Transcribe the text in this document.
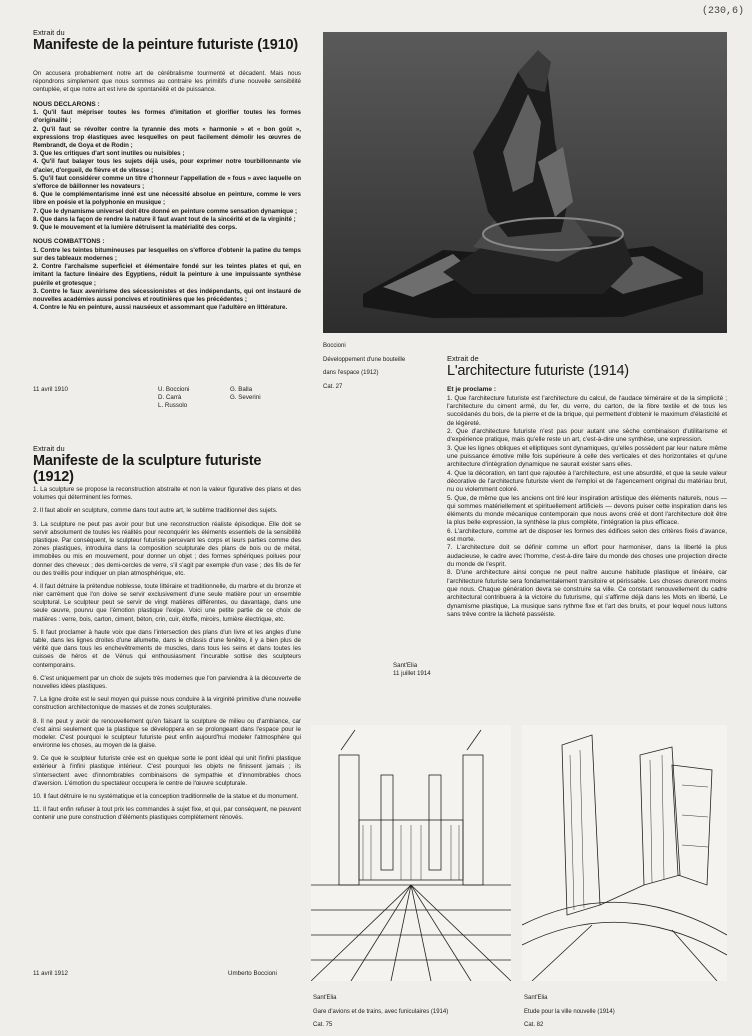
(230,6)
Extrait du
Manifeste de la peinture futuriste (1910)

On accusera probablement notre art de cérébralisme tourmenté et décadent. Mais nous répondrons simplement que nous sommes au contraire les primitifs d'une nouvelle sensibilité centuplée, et que notre art est ivre de spontanéité et de puissance.

NOUS DECLARONS :

1. Qu'il faut mépriser toutes les formes d'imitation et glorifier toutes les formes d'originalité ;

2. Qu'il faut se révolter contre la tyrannie des mots « harmonie » et « bon goût », expressions trop élastiques avec lesquelles on peut facilement démolir les œuvres de Rembrandt, de Goya et de Rodin ;

3. Que les critiques d'art sont inutiles ou nuisibles ;

4. Qu'il faut balayer tous les sujets déjà usés, pour exprimer notre tourbillonnante vie d'acier, d'orgueil, de fièvre et de vitesse ;

5. Qu'il faut considérer comme un titre d'honneur l'appellation de « fous » avec laquelle on s'efforce de bâillonner les novateurs ;

6. Que le complémentarisme inné est une nécessité absolue en peinture, comme le vers libre en poésie et la polyphonie en musique ;

7. Que le dynamisme universel doit être donné en peinture comme sensation dynamique ;

8. Que dans la façon de rendre la nature il faut avant tout de la sincérité et de la virginité ;

9. Que le mouvement et la lumière détruisent la matérialité des corps.

NOUS COMBATTONS :

1. Contre les teintes bitumineuses par lesquelles on s'efforce d'obtenir la patine du temps sur des tableaux modernes ;

2. Contre l'archaïsme superficiel et élémentaire fondé sur les teintes plates et qui, en imitant la facture linéaire des Egyptiens, réduit la peinture à une impuissante synthèse puérile et grotesque ;

3. Contre le faux avenirisme des sécessionistes et des indépendants, qui ont instauré de nouvelles académies aussi poncives et routinières que les précédentes ;

4. Contre le Nu en peinture, aussi nauséeux et assommant que l'adultère en littérature.

11 avril 1910	U. Boccioni

D. Carrà

L. Russolo

G. Balla

G. Severini

Boccioni

Développement d'une bouteille

dans l'espace (1912)

Cat. 27

Extrait de
L'architecture futuriste (1914)

Et je proclame :

1. Que l'architecture futuriste est l'architecture du calcul, de l'audace téméraire et de la simplicité ; l'architecture du ciment armé, du fer, du verre, du carton, de la fibre textile et de tous les succédanés du bois, de la pierre et de la brique, qui permettent d'obtenir le maximum d'élasticité et de légèreté.

2. Que d'architecture futuriste n'est pas pour autant une sèche combinaison d'utilitarisme et d'expérience pratique, mais qu'elle reste un art, c'est-à-dire une synthèse, une expression.

3. Que les lignes obliques et elliptiques sont dynamiques, qu'elles possèdent par leur nature même une puissance émotive mille fois supérieure à celle des verticales et des horizontales et qu'une architecture d'intégration dynamique ne saurait exister sans elles.

4. Que la décoration, en tant que rajoutée à l'architecture, est une absurdité, et que la seule valeur décorative de l'architecture futuriste vient de l'emploi et de l'agencement original du matériau brut, nu ou violemment coloré.

5. Que, de même que les anciens ont tiré leur inspiration artistique des éléments naturels, nous — qui sommes matériellement et spirituellement artificiels — devons puiser cette inspiration dans les éléments du monde mécanique contemporain que nous avons créé et dont l'architecture doit être la plus belle expression, la synthèse la plus complète, l'intégration la plus efficace.

6. L'architecture, comme art de disposer les formes des édifices selon des critères fixés d'avance, est morte.

7. L'architecture doit se définir comme un effort pour harmoniser, dans la liberté la plus audacieuse, le cadre avec l'homme, c'est-à-dire faire du monde des choses une projection directe du monde de l'esprit.

8. D'une architecture ainsi conçue ne peut naître aucune habitude plastique et linéaire, car l'architecture futuriste sera fondamentalement transitoire et périssable. Les choses dureront moins que nous. Chaque génération devra se construire sa ville. Ce constant renouvellement du cadre architectural contribuera à la victoire du futurisme, qui s'affirme déjà dans les Mots en liberté, Le dynamisme plastique, La musique sans rythme fixe et l'art des bruits, et pour lequel nous luttons sans trêve contre la lâcheté passéiste.

Sant'Elia
11 juillet 1914
Extrait du
Manifeste de la sculpture futuriste (1912)

1. La sculpture se propose la reconstruction abstraite et non la valeur figurative des plans et des volumes qui déterminent les formes.

2. Il faut abolir en sculpture, comme dans tout autre art, le sublime traditionnel des sujets.

3. La sculpture ne peut pas avoir pour but une reconstruction réaliste épisodique. Elle doit se servir absolument de toutes les réalités pour reconquérir les éléments essentiels de la sensibilité plastique. Par conséquent, le sculpteur futuriste percevant les corps et leurs parties comme des zones plastiques, introduira dans la composition sculpturale des plans de bois ou de métal, immobiles ou mis en mouvement, pour donner un objet ; des formes sphériques poilues pour donner des cheveux ; des demi-cercles de verre, s'il s'agit par exemple d'un vase ; des fils de fer ou des treillis pour indiquer un plan atmosphérique, etc.

4. Il faut détruire la prétendue noblesse, toute littéraire et traditionnelle, du marbre et du bronze et nier carrément que l'on doive se servir exclusivement d'une seule matière pour un ensemble sculptural. Le sculpteur peut se servir de vingt matières différentes, ou davantage, dans une seule œuvre, pourvu que l'émotion plastique l'exige. Voici une petite partie de ce choix de matières : verre, bois, carton, ciment, béton, crin, cuir, étoffe, miroirs, lumière électrique, etc.

5. Il faut proclamer à haute voix que dans l'intersection des plans d'un livre et les angles d'une table, dans les lignes droites d'une allumette, dans le châssis d'une fenêtre, il y a bien plus de vérité que dans tous les enchevêtrements de muscles, dans tous les seins et dans toutes les cuisses de héros et de Vénus qui enthousiasment l'incurable sottise des sculpteurs contemporains.

6. C'est uniquement par un choix de sujets très modernes que l'on parviendra à la découverte de nouvelles idées plastiques.

7. La ligne droite est le seul moyen qui puisse nous conduire à la virginité primitive d'une nouvelle construction architectonique de masses et de zones sculpturales.

8. Il ne peut y avoir de renouvellement qu'en faisant la sculpture de milieu ou d'ambiance, car c'est ainsi seulement que la plastique se développera en se prolongeant dans l'espace pour le modeler. C'est pourquoi le sculpteur futuriste peut enfin aujourd'hui modeler l'atmosphère qui environne les choses, au moyen de la glaise.

9. Ce que le sculpteur futuriste crée est en quelque sorte le pont idéal qui unit l'infini plastique extérieur à l'infini plastique intérieur. C'est pourquoi les objets ne finissent jamais ; ils s'intersectent avec d'innombrables combinaisons de sympathie et d'innombrables chocs d'aversion. L'émotion du spectateur occupera le centre de l'œuvre sculpturale.

10. Il faut détruire le nu systématique et la conception traditionnelle de la statue et du monument.

11. Il faut enfin refuser à tout prix les commandes à sujet fixe, et qui, par conséquent, ne peuvent contenir une pure construction d'éléments plastiques complètement rénovés.

11 avril 1912	Umberto Boccioni

Sant'Elia

Gare d'avions et de trains, avec funiculaires (1914)

Cat. 75

Sant'Elia

Etude pour la ville nouvelle (1914)

Cat. 82
